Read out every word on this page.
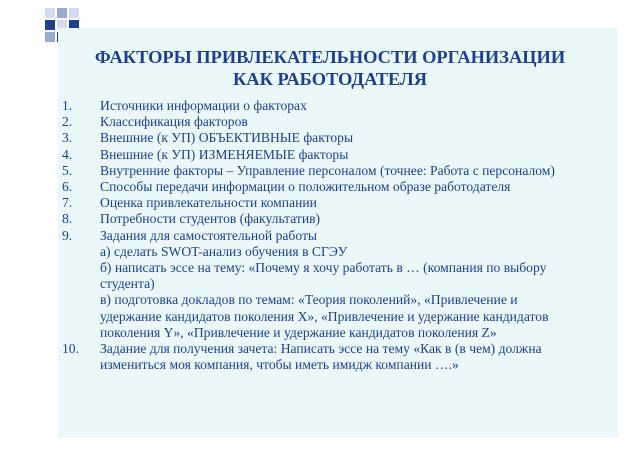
ФАКТОРЫ ПРИВЛЕКАТЕЛЬНОСТИ ОРГАНИЗАЦИИ
КАК РАБОТОДАТЕЛЯ
1. Источники информации о факторах
2. Классификация факторов
3. Внешние (к УП) ОБЪЕКТИВНЫЕ факторы
4. Внешние (к УП) ИЗМЕНЯЕМЫЕ факторы
5. Внутренние факторы – Управление персоналом (точнее: Работа с персоналом)
6. Способы передачи информации о положительном образе работодателя
7. Оценка привлекательности компании
8. Потребности студентов (факультатив)
9. Задания для самостоятельной работы
а) сделать SWOT-анализ обучения в СГЭУ
б) написать эссе на тему: «Почему я хочу работать в … (компания по выбору студента)
в) подготовка докладов по темам: «Теория поколений», «Привлечение и удержание кандидатов поколения X», «Привлечение и удержание кандидатов поколения Y», «Привлечение и удержание кандидатов поколения Z»
10. Задание для получения зачета: Написать эссе на тему «Как в (в чем) должна измениться моя компания, чтобы иметь имидж компании ….»
